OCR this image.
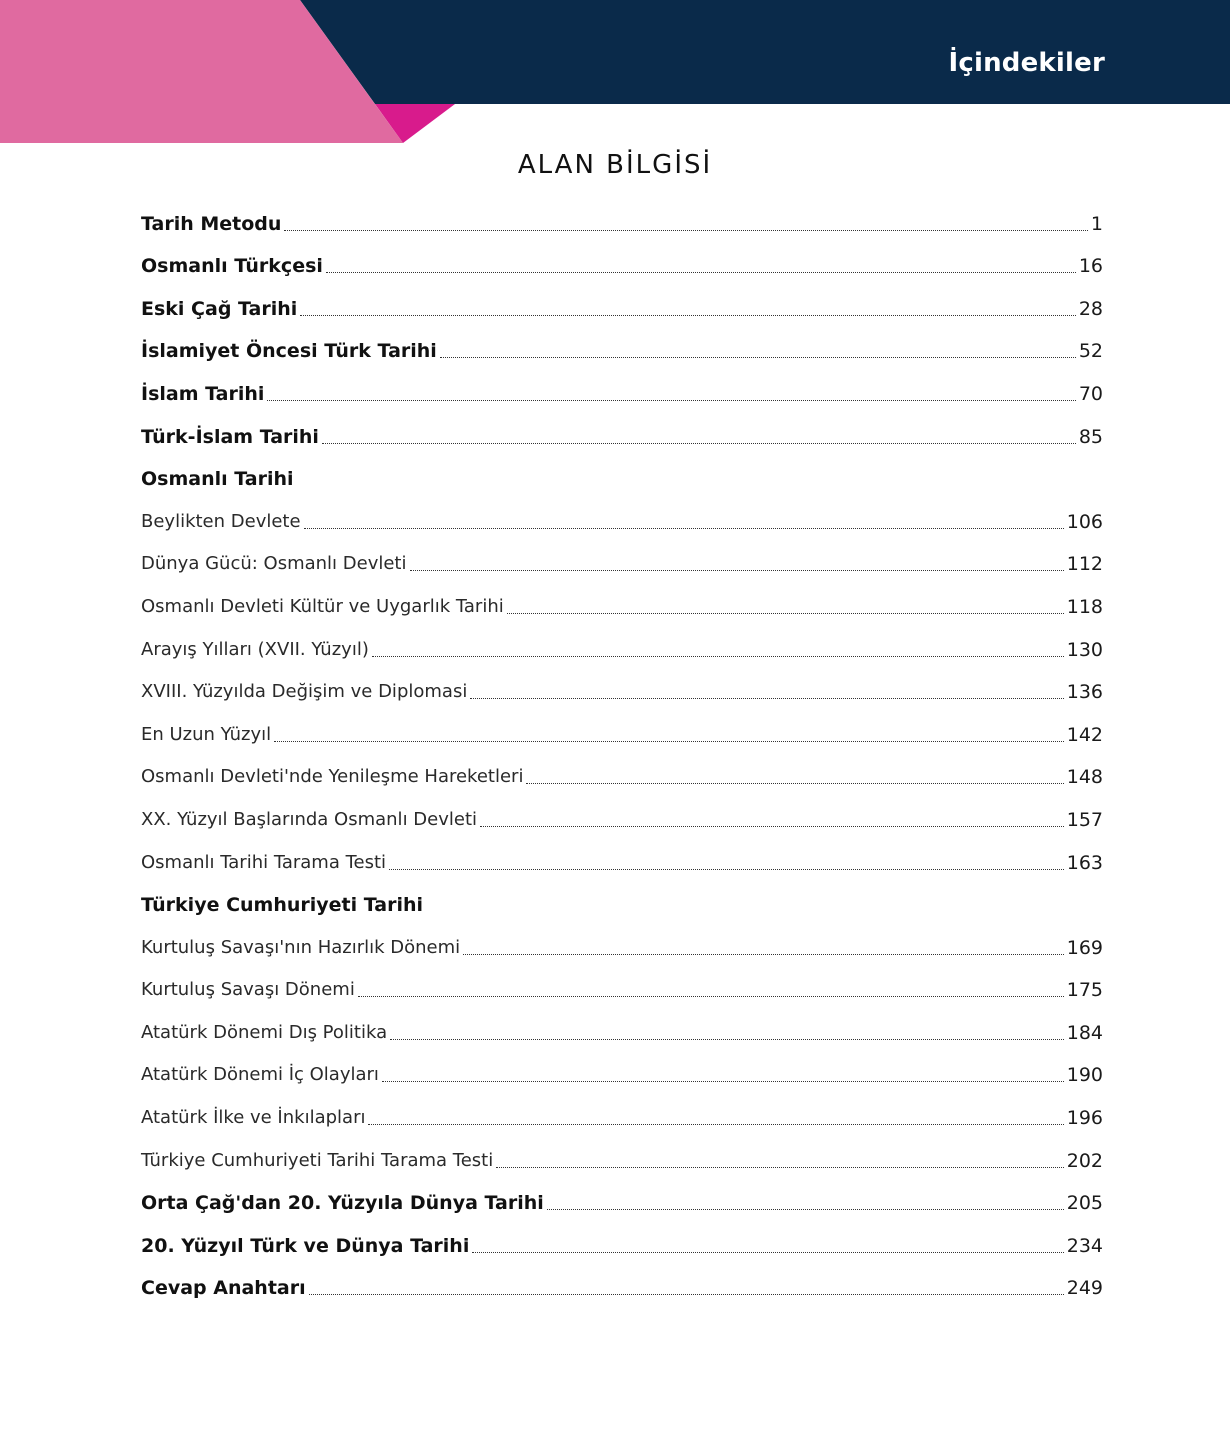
İçindekiler
ALAN BİLGİSİ
Tarih Metodu	1
Osmanlı Türkçesi	16
Eski Çağ Tarihi	28
İslamiyet Öncesi Türk Tarihi	52
İslam Tarihi	70
Türk-İslam Tarihi	85
Osmanlı Tarihi
Beylikten Devlete	106
Dünya Gücü: Osmanlı Devleti	112
Osmanlı Devleti Kültür ve Uygarlık Tarihi	118
Arayış Yılları (XVII. Yüzyıl)	130
XVIII. Yüzyılda Değişim ve Diplomasi	136
En Uzun Yüzyıl	142
Osmanlı Devleti'nde Yenileşme Hareketleri	148
XX. Yüzyıl Başlarında Osmanlı Devleti	157
Osmanlı Tarihi Tarama Testi	163
Türkiye Cumhuriyeti Tarihi
Kurtuluş Savaşı'nın Hazırlık Dönemi	169
Kurtuluş Savaşı Dönemi	175
Atatürk Dönemi Dış Politika	184
Atatürk Dönemi İç Olayları	190
Atatürk İlke ve İnkılapları	196
Türkiye Cumhuriyeti Tarihi Tarama Testi	202
Orta Çağ'dan 20. Yüzyıla Dünya Tarihi	205
20. Yüzyıl Türk ve Dünya Tarihi	234
Cevap Anahtarı	249
